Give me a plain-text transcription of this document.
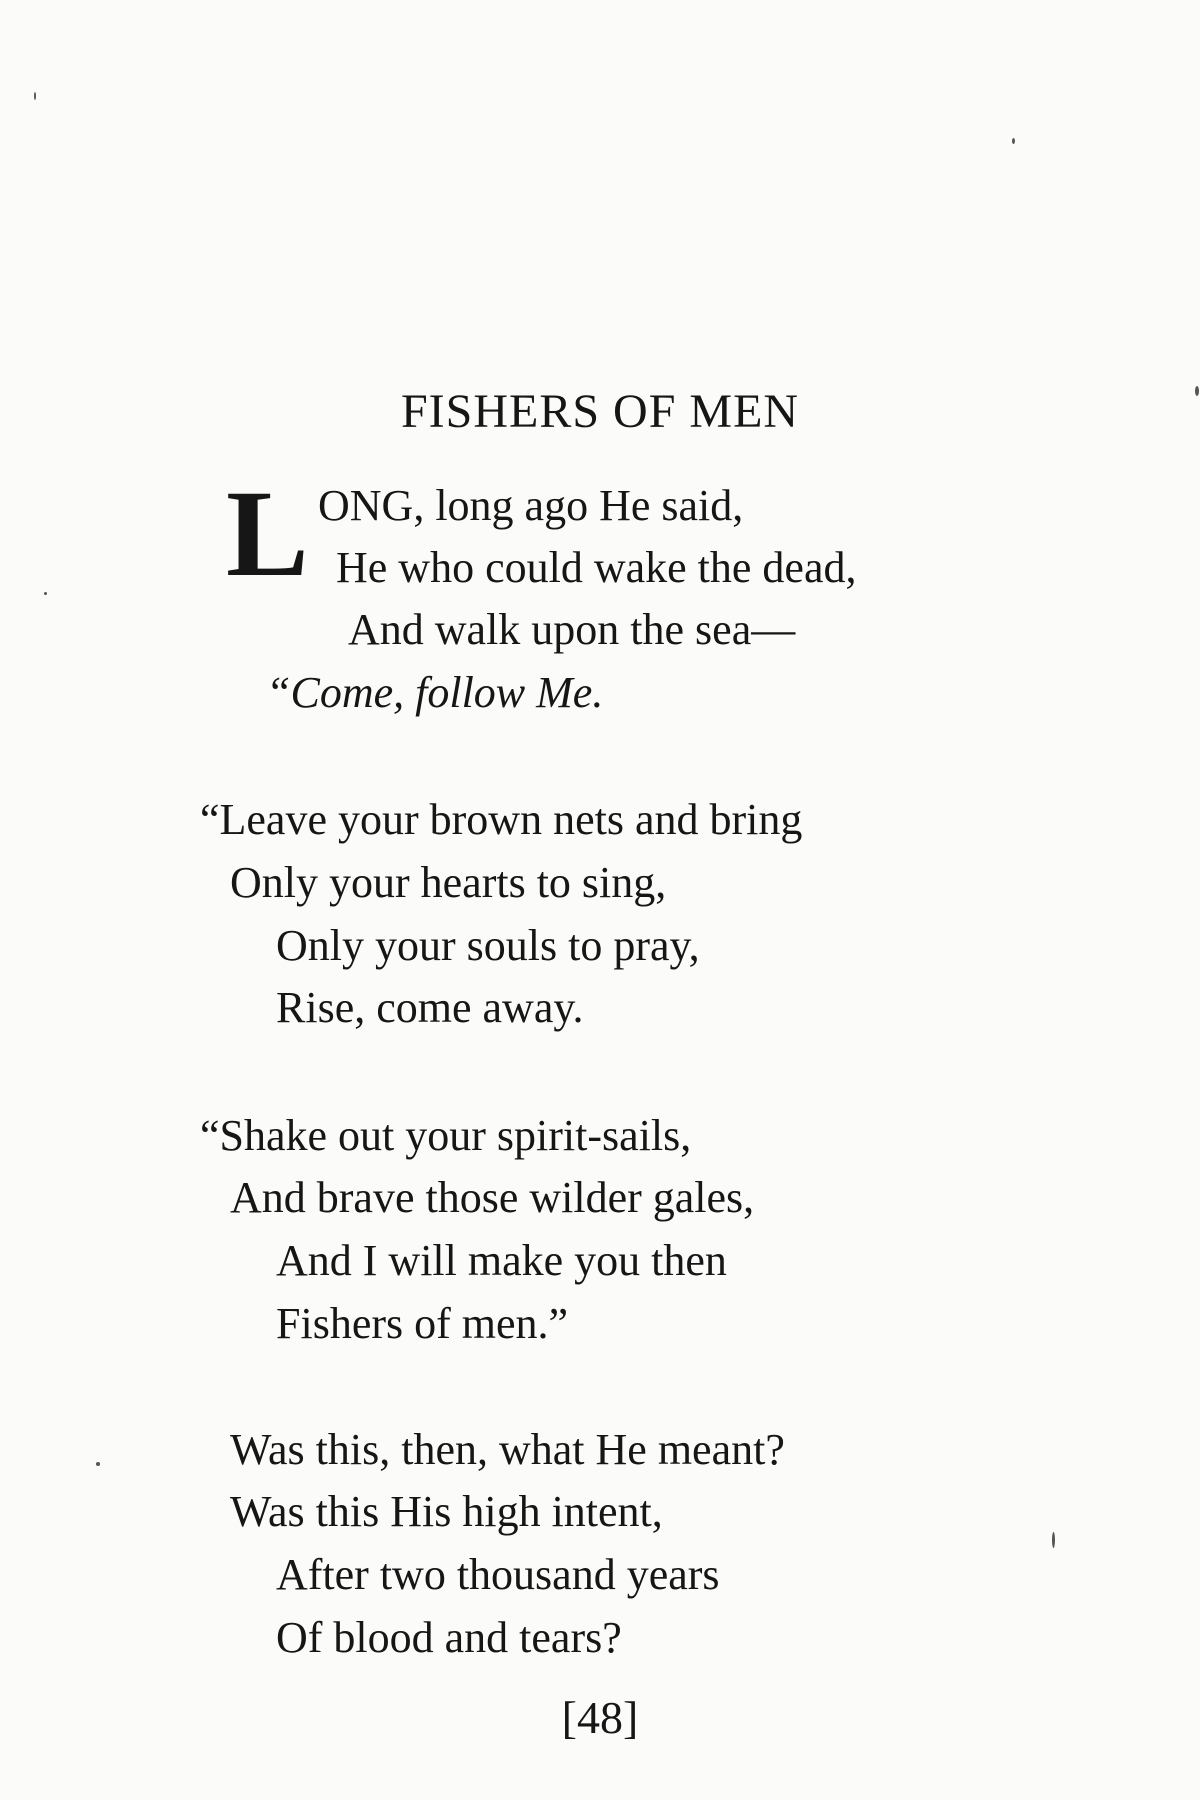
FISHERS OF MEN
L ONG, long ago He said,

He who could wake the dead,

And walk upon the sea—

“Come, follow Me.

“Leave your brown nets and bring

Only your hearts to sing,

Only your souls to pray,

Rise, come away.

“Shake out your spirit-sails,

And brave those wilder gales,

And I will make you then

Fishers of men.”

Was this, then, what He meant?

Was this His high intent,

After two thousand years

Of blood and tears?

[48]
